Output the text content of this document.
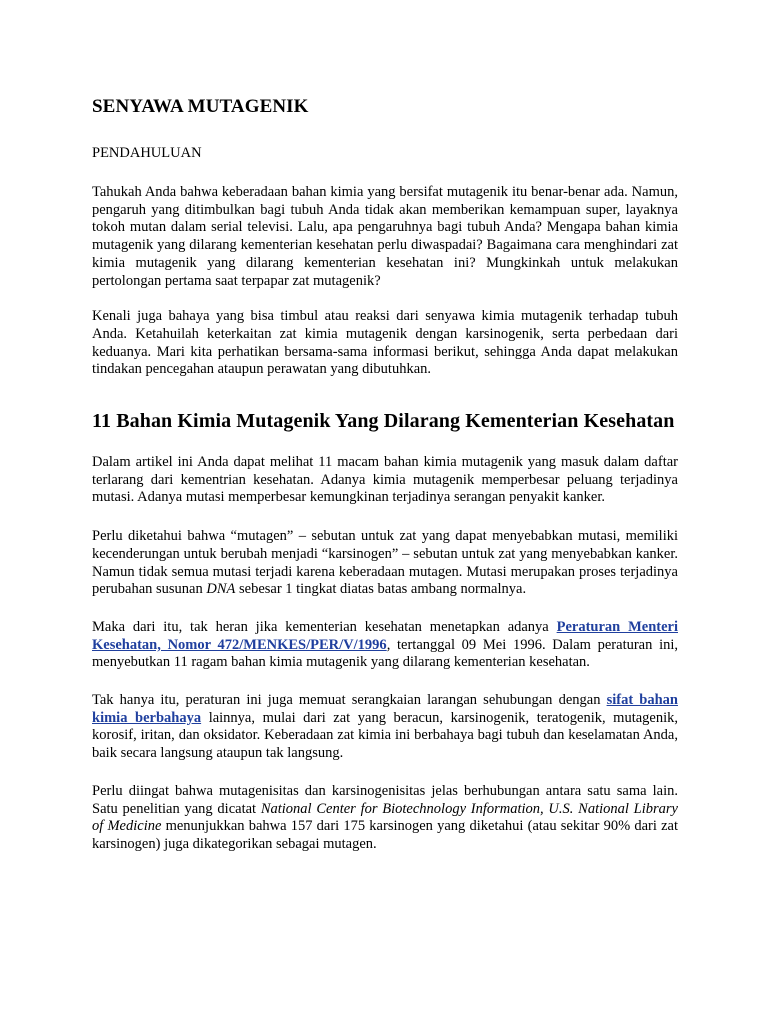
SENYAWA MUTAGENIK
PENDAHULUAN

Tahukah Anda bahwa keberadaan bahan kimia yang bersifat mutagenik itu benar-benar ada. Namun, pengaruh yang ditimbulkan bagi tubuh Anda tidak akan memberikan kemampuan super, layaknya tokoh mutan dalam serial televisi. Lalu, apa pengaruhnya bagi tubuh Anda? Mengapa bahan kimia mutagenik yang dilarang kementerian kesehatan perlu diwaspadai? Bagaimana cara menghindari zat kimia mutagenik yang dilarang kementerian kesehatan ini? Mungkinkah untuk melakukan pertolongan pertama saat terpapar zat mutagenik?

Kenali juga bahaya yang bisa timbul atau reaksi dari senyawa kimia mutagenik terhadap tubuh Anda. Ketahuilah keterkaitan zat kimia mutagenik dengan karsinogenik, serta perbedaan dari keduanya. Mari kita perhatikan bersama-sama informasi berikut, sehingga Anda dapat melakukan tindakan pencegahan ataupun perawatan yang dibutuhkan.

11 Bahan Kimia Mutagenik Yang Dilarang Kementerian Kesehatan

Dalam artikel ini Anda dapat melihat 11 macam bahan kimia mutagenik yang masuk dalam daftar terlarang dari kementrian kesehatan. Adanya kimia mutagenik memperbesar peluang terjadinya mutasi. Adanya mutasi memperbesar kemungkinan terjadinya serangan penyakit kanker.

Perlu diketahui bahwa “mutagen” – sebutan untuk zat yang dapat menyebabkan mutasi, memiliki kecenderungan untuk berubah menjadi “karsinogen” – sebutan untuk zat yang menyebabkan kanker. Namun tidak semua mutasi terjadi karena keberadaan mutagen. Mutasi merupakan proses terjadinya perubahan susunan DNA sebesar 1 tingkat diatas batas ambang normalnya.

Maka dari itu, tak heran jika kementerian kesehatan menetapkan adanya Peraturan Menteri Kesehatan, Nomor 472/MENKES/PER/V/1996, tertanggal 09 Mei 1996. Dalam peraturan ini, menyebutkan 11 ragam bahan kimia mutagenik yang dilarang kementerian kesehatan.

Tak hanya itu, peraturan ini juga memuat serangkaian larangan sehubungan dengan sifat bahan kimia berbahaya lainnya, mulai dari zat yang beracun, karsinogenik, teratogenik, mutagenik, korosif, iritan, dan oksidator. Keberadaan zat kimia ini berbahaya bagi tubuh dan keselamatan Anda, baik secara langsung ataupun tak langsung.

Perlu diingat bahwa mutagenisitas dan karsinogenisitas jelas berhubungan antara satu sama lain. Satu penelitian yang dicatat National Center for Biotechnology Information, U.S. National Library of Medicine menunjukkan bahwa 157 dari 175 karsinogen yang diketahui (atau sekitar 90% dari zat karsinogen) juga dikategorikan sebagai mutagen.
